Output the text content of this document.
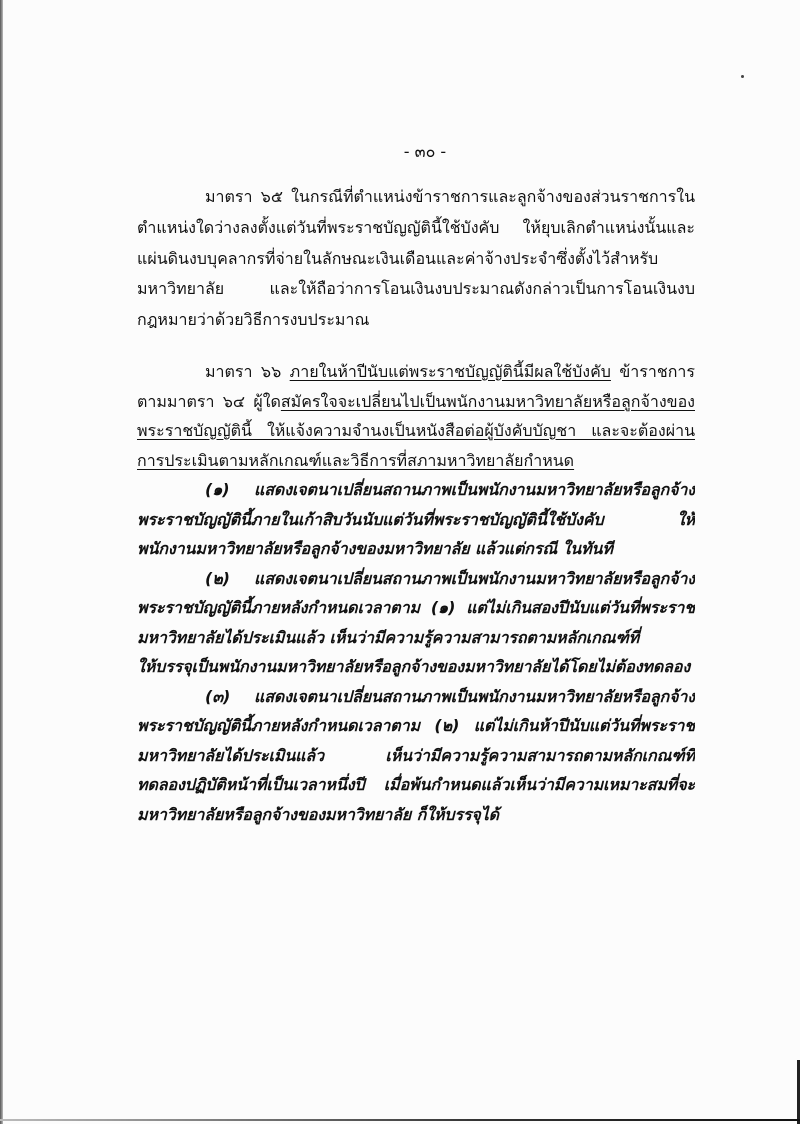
- ๓๐ -
มาตรา ๖๕ ในกรณีที่ตำแหน่งข้าราชการและลูกจ้างของส่วนราชการใน
ตำแหน่งใดว่างลงตั้งแต่วันที่พระราชบัญญัตินี้ใช้บังคับ ให้ยุบเลิกตำแหน่งนั้นและ
แผ่นดินงบบุคลากรที่จ่ายในลักษณะเงินเดือนและค่าจ้างประจำซึ่งตั้งไว้สำหรับ
มหาวิทยาลัย และให้ถือว่าการโอนเงินงบประมาณดังกล่าวเป็นการโอนเงินงบ
กฎหมายว่าด้วยวิธีการงบประมาณ
มาตรา ๖๖ ภายในห้าปีนับแต่พระราชบัญญัตินี้มีผลใช้บังคับ ข้าราชการ
ตามมาตรา ๖๔ ผู้ใดสมัครใจจะเปลี่ยนไปเป็นพนักงานมหาวิทยาลัยหรือลูกจ้างของ
พระราชบัญญัตินี้ ให้แจ้งความจำนงเป็นหนังสือต่อผู้บังคับบัญชา และจะต้องผ่าน
การประเมินตามหลักเกณฑ์และวิธีการที่สภามหาวิทยาลัยกำหนด
(๑) แสดงเจตนาเปลี่ยนสถานภาพเป็นพนักงานมหาวิทยาลัยหรือลูกจ้าง
พระราชบัญญัตินี้ภายในเก้าสิบวันนับแต่วันที่พระราชบัญญัตินี้ใช้บังคับ ให้
พนักงานมหาวิทยาลัยหรือลูกจ้างของมหาวิทยาลัย แล้วแต่กรณี ในทันที
(๒) แสดงเจตนาเปลี่ยนสถานภาพเป็นพนักงานมหาวิทยาลัยหรือลูกจ้าง
พระราชบัญญัตินี้ภายหลังกำหนดเวลาตาม (๑) แต่ไม่เกินสองปีนับแต่วันที่พระราช
มหาวิทยาลัยได้ประเมินแล้ว เห็นว่ามีความรู้ความสามารถตามหลักเกณฑ์ที่
ให้บรรจุเป็นพนักงานมหาวิทยาลัยหรือลูกจ้างของมหาวิทยาลัยได้โดยไม่ต้องทดลอง
(๓) แสดงเจตนาเปลี่ยนสถานภาพเป็นพนักงานมหาวิทยาลัยหรือลูกจ้าง
พระราชบัญญัตินี้ภายหลังกำหนดเวลาตาม (๒) แต่ไม่เกินห้าปีนับแต่วันที่พระราช
มหาวิทยาลัยได้ประเมินแล้ว เห็นว่ามีความรู้ความสามารถตามหลักเกณฑ์ที่
ทดลองปฏิบัติหน้าที่เป็นเวลาหนึ่งปี เมื่อพ้นกำหนดแล้วเห็นว่ามีความเหมาะสมที่จะ
มหาวิทยาลัยหรือลูกจ้างของมหาวิทยาลัย ก็ให้บรรจุได้
